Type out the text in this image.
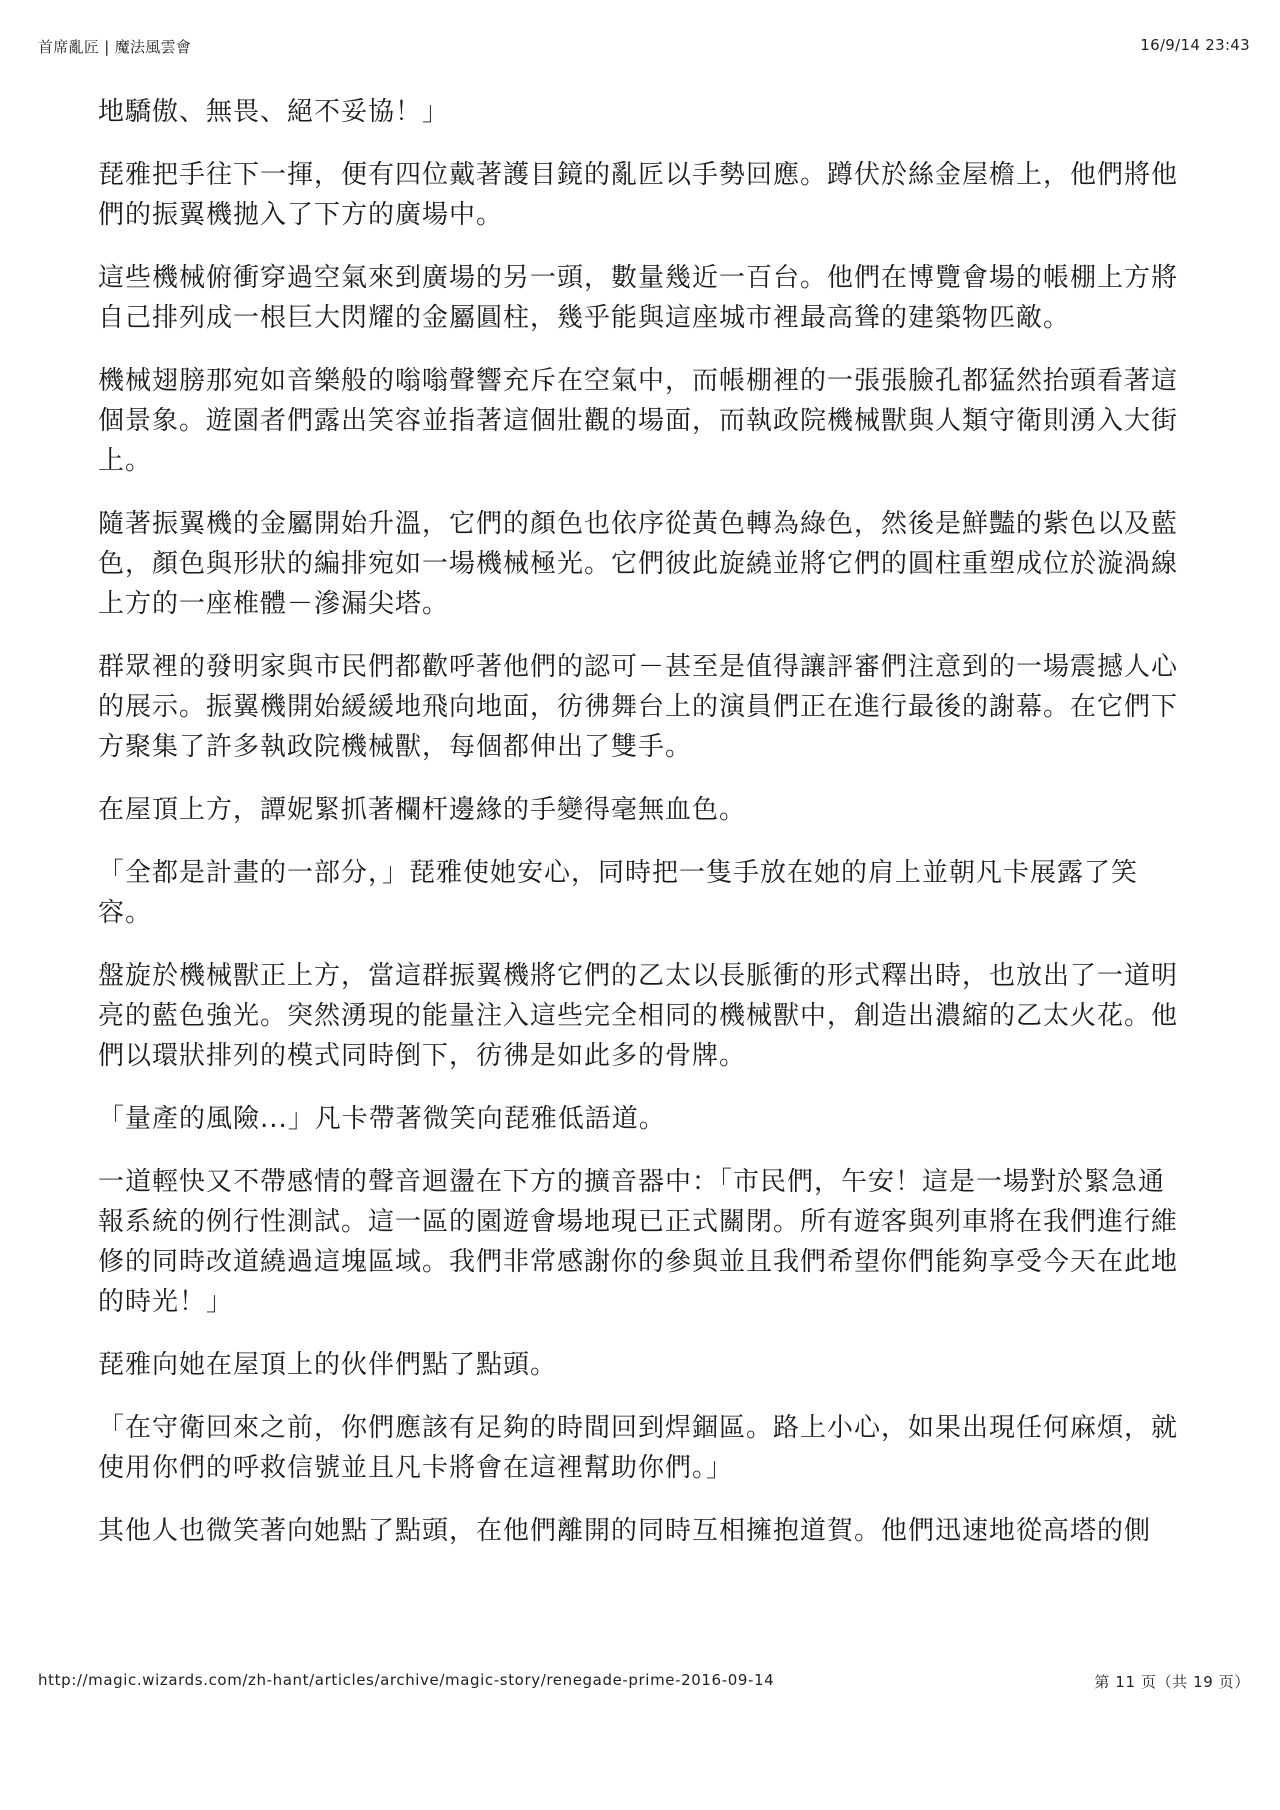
首席亂匠 | 魔法風雲會	16/9/14 23:43

地驕傲、無畏、絕不妥協！」

琵雅把手往下一揮，便有四位戴著護目鏡的亂匠以手勢回應。蹲伏於絲金屋檐上，他們將他們的振翼機拋入了下方的廣場中。

這些機械俯衝穿過空氣來到廣場的另一頭，數量幾近一百台。他們在博覽會場的帳棚上方將自己排列成一根巨大閃耀的金屬圓柱，幾乎能與這座城市裡最高聳的建築物匹敵。

機械翅膀那宛如音樂般的嗡嗡聲響充斥在空氣中，而帳棚裡的一張張臉孔都猛然抬頭看著這個景象。遊園者們露出笑容並指著這個壯觀的場面，而執政院機械獸與人類守衛則湧入大街上。

隨著振翼機的金屬開始升溫，它們的顏色也依序從黃色轉為綠色，然後是鮮豔的紫色以及藍色，顏色與形狀的編排宛如一場機械極光。它們彼此旋繞並將它們的圓柱重塑成位於漩渦線上方的一座椎體－滲漏尖塔。

群眾裡的發明家與市民們都歡呼著他們的認可－甚至是值得讓評審們注意到的一場震撼人心的展示。振翼機開始緩緩地飛向地面，彷彿舞台上的演員們正在進行最後的謝幕。在它們下方聚集了許多執政院機械獸，每個都伸出了雙手。

在屋頂上方，譚妮緊抓著欄杆邊緣的手變得毫無血色。

「全都是計畫的一部分，」琵雅使她安心，同時把一隻手放在她的肩上並朝凡卡展露了笑容。

盤旋於機械獸正上方，當這群振翼機將它們的乙太以長脈衝的形式釋出時，也放出了一道明亮的藍色強光。突然湧現的能量注入這些完全相同的機械獸中，創造出濃縮的乙太火花。他們以環狀排列的模式同時倒下，彷彿是如此多的骨牌。

「量產的風險...」凡卡帶著微笑向琵雅低語道。

一道輕快又不帶感情的聲音迴盪在下方的擴音器中：「市民們，午安！這是一場對於緊急通報系統的例行性測試。這一區的園遊會場地現已正式關閉。所有遊客與列車將在我們進行維修的同時改道繞過這塊區域。我們非常感謝你的參與並且我們希望你們能夠享受今天在此地的時光！」

琵雅向她在屋頂上的伙伴們點了點頭。

「在守衛回來之前，你們應該有足夠的時間回到焊錮區。路上小心，如果出現任何麻煩，就使用你們的呼救信號並且凡卡將會在這裡幫助你們。」

其他人也微笑著向她點了點頭，在他們離開的同時互相擁抱道賀。他們迅速地從高塔的側

http://magic.wizards.com/zh-hant/articles/archive/magic-story/renegade-prime-2016-09-14	第 11 页（共 19 页）
